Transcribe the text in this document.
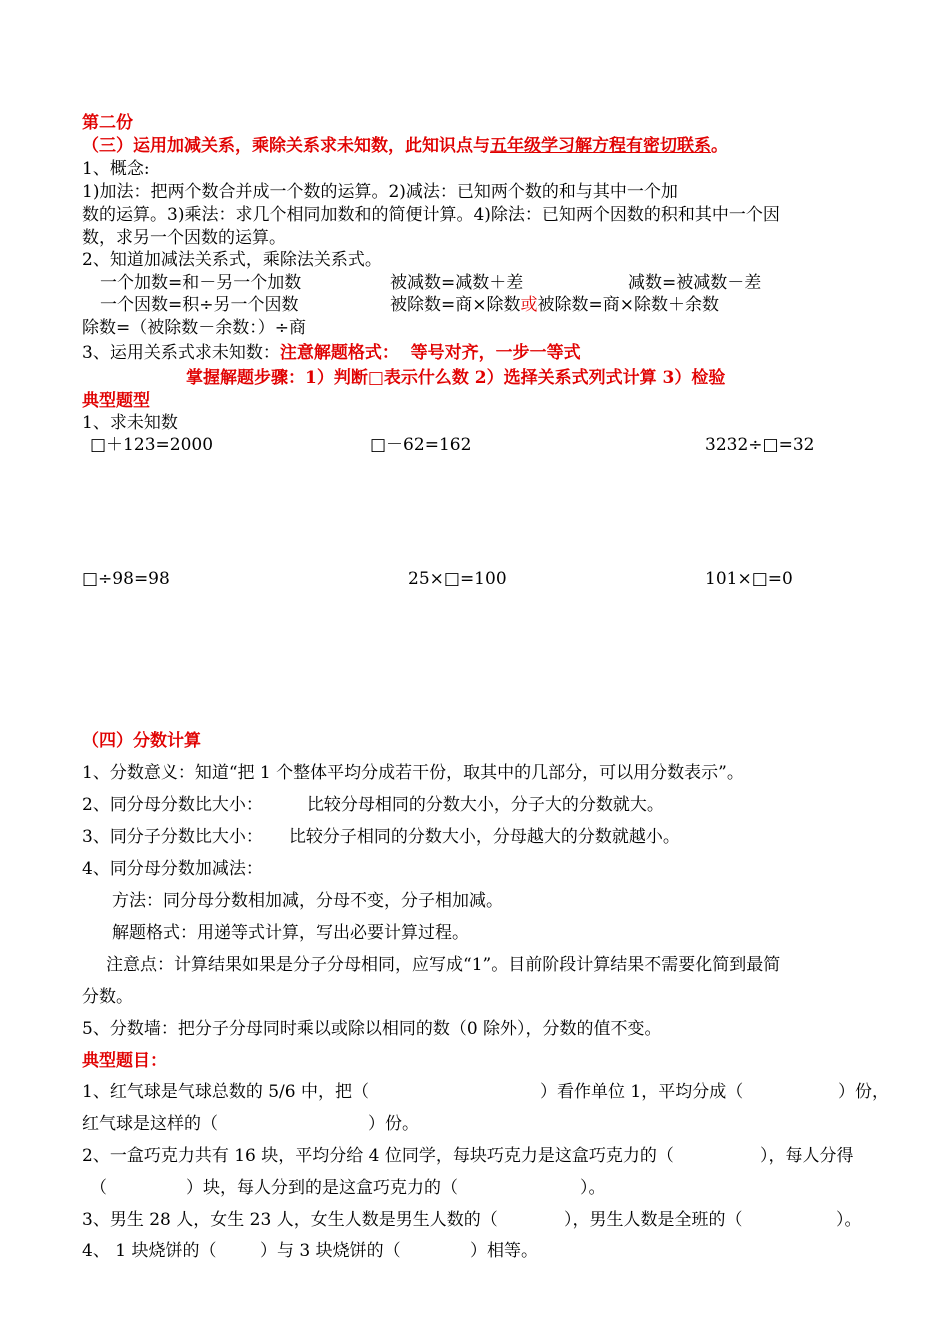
第二份
（三）运用加减关系，乘除关系求未知数，此知识点与五年级学习解方程有密切联系。
1、概念:
1)加法：把两个数合并成一个数的运算。2)减法：已知两个数的和与其中一个加
数的运算。3)乘法：求几个相同加数和的简便计算。4)除法：已知两个因数的积和其中一个因
数，求另一个因数的运算。
2、知道加减法关系式，乘除法关系式。
一个加数=和－另一个加数	被减数=减数＋差	减数=被减数－差
一个因数=积÷另一个因数	被除数=商×除数或被除数=商×除数＋余数
除数=（被除数－余数：）÷商
3、运用关系式求未知数：注意解题格式：  等号对齐，一步一等式
掌握解题步骤：1）判断□表示什么数 2）选择关系式列式计算 3）检验
典型题型
1、求未知数
□＋123=2000	□－62=162	3232÷□=32
□÷98=98	25×□=100	101×□=0
（四）分数计算
1、分数意义：知道“把 1 个整体平均分成若干份，取其中的几部分，可以用分数表示”。
2、同分母分数比大小：	比较分母相同的分数大小，分子大的分数就大。
3、同分子分数比大小： 比较分子相同的分数大小，分母越大的分数就越小。
4、同分母分数加减法：
方法：同分母分数相加减，分母不变，分子相加减。
解题格式：用递等式计算，写出必要计算过程。
注意点：计算结果如果是分子分母相同，应写成“1”。目前阶段计算结果不需要化简到最简
分数。
5、分数墙：把分子分母同时乘以或除以相同的数（0 除外），分数的值不变。
典型题目：
1、红气球是气球总数的 5/6 中，把（	）看作单位 1，平均分成（	）份，
红气球是这样的（	）份。
2、一盒巧克力共有 16 块，平均分给 4 位同学，每块巧克力是这盒巧克力的（	），每人分得
（	）块，每人分到的是这盒巧克力的（	）。
3、男生 28 人，女生 23 人，女生人数是男生人数的（	），男生人数是全班的（	）。
4、 1 块烧饼的（	）与 3 块烧饼的（	）相等。
